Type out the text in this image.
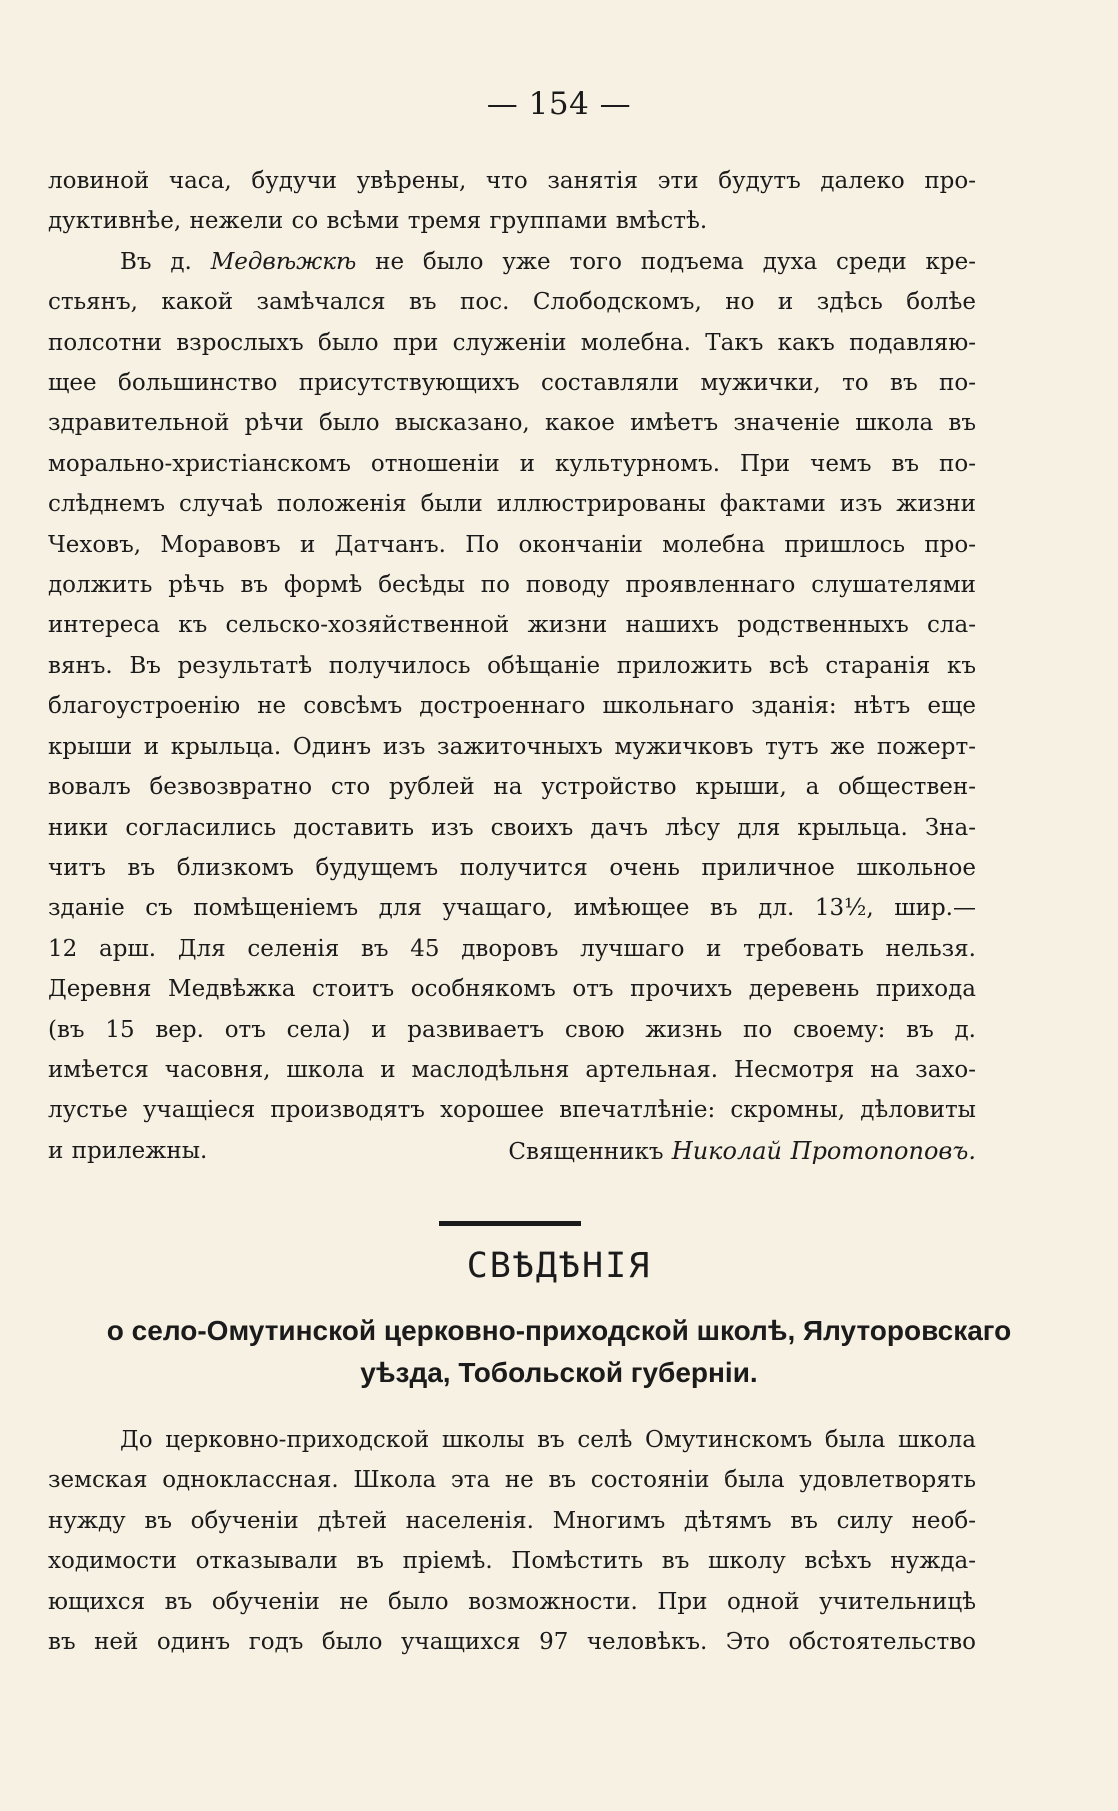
— 154 —
ловиной часа, будучи увѣрены, что занятія эти будутъ далеко про-
дуктивнѣе, нежели со всѣми тремя группами вмѣстѣ.
Въ д. Медвѣжкѣ не было уже того подъема духа среди кре-
стьянъ, какой замѣчался въ пос. Слободскомъ, но и здѣсь болѣе
полсотни взрослыхъ было при служеніи молебна. Такъ какъ подавляю-
щее большинство присутствующихъ составляли мужички, то въ по-
здравительной рѣчи было высказано, какое имѣетъ значеніе школа въ
морально-христіанскомъ отношеніи и культурномъ. При чемъ въ по-
слѣднемъ случаѣ положенія были иллюстрированы фактами изъ жизни
Чеховъ, Моравовъ и Датчанъ. По окончаніи молебна пришлось про-
должить рѣчь въ формѣ бесѣды по поводу проявленнаго слушателями
интереса къ сельско-хозяйственной жизни нашихъ родственныхъ сла-
вянъ. Въ результатѣ получилось обѣщаніе приложить всѣ старанія къ
благоустроенію не совсѣмъ достроеннаго школьнаго зданія: нѣтъ еще
крыши и крыльца. Одинъ изъ зажиточныхъ мужичковъ тутъ же пожерт-
вовалъ безвозвратно сто рублей на устройство крыши, а обществен-
ники согласились доставить изъ своихъ дачъ лѣсу для крыльца. Зна-
читъ въ близкомъ будущемъ получится очень приличное школьное
зданіе съ помѣщеніемъ для учащаго, имѣющее въ дл. 13½, шир.—
12 арш. Для селенія въ 45 дворовъ лучшаго и требовать нельзя.
Деревня Медвѣжка стоитъ особнякомъ отъ прочихъ деревень прихода
(въ 15 вер. отъ села) и развиваетъ свою жизнь по своему: въ д.
имѣется часовня, школа и маслодѣльня артельная. Несмотря на захо-
лустье учащіеся производятъ хорошее впечатлѣніе: скромны, дѣловиты
и прилежны.	Священникъ Николай Протопоповъ.
СВѢДѢНІЯ
о село-Омутинской церковно-приходской школѣ, Ялуторовскаго
уѣзда, Тобольской губерніи.
До церковно-приходской школы въ селѣ Омутинскомъ была школа
земская одноклассная. Школа эта не въ состояніи была удовлетворять
нужду въ обученіи дѣтей населенія. Многимъ дѣтямъ въ силу необ-
ходимости отказывали въ пріемѣ. Помѣстить въ школу всѣхъ нужда-
ющихся въ обученіи не было возможности. При одной учительницѣ
въ ней одинъ годъ было учащихся 97 человѣкъ. Это обстоятельство
